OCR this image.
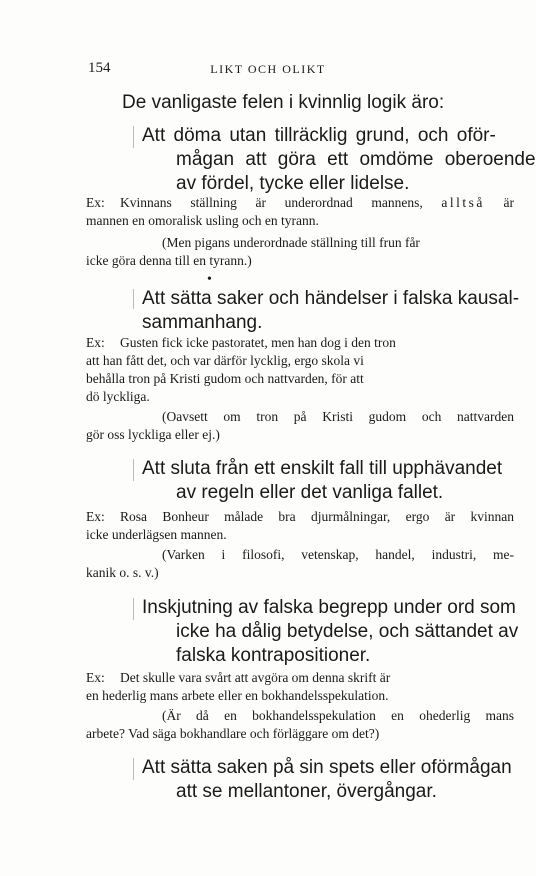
154	LIKT OCH OLIKT
De vanligaste felen i kvinnlig logik äro:
Att döma utan tillräcklig grund, och oför-
mågan att göra ett omdöme oberoende
av fördel, tycke eller lidelse.
Ex: Kvinnans ställning är underordnad mannens, alltså är
mannen en omoralisk usling och en tyrann.
(Men pigans underordnade ställning till frun får
icke göra denna till en tyrann.)
•
Att sätta saker och händelser i falska kausal-
sammanhang.
Ex: Gusten fick icke pastoratet, men han dog i den tron
att han fått det, och var därför lycklig, ergo skola vi
behålla tron på Kristi gudom och nattvarden, för att
dö lyckliga.
(Oavsett om tron på Kristi gudom och nattvarden
gör oss lyckliga eller ej.)
Att sluta från ett enskilt fall till upphävandet
av regeln eller det vanliga fallet.
Ex: Rosa Bonheur målade bra djurmålningar, ergo är kvinnan
icke underlägsen mannen.
(Varken i filosofi, vetenskap, handel, industri, me-
kanik o. s. v.)
Inskjutning av falska begrepp under ord som
icke ha dålig betydelse, och sättandet av
falska kontrapositioner.
Ex: Det skulle vara svårt att avgöra om denna skrift är
en hederlig mans arbete eller en bokhandelsspekulation.
(Är då en bokhandelsspekulation en ohederlig mans
arbete? Vad säga bokhandlare och förläggare om det?)
Att sätta saken på sin spets eller oförmågan
att se mellantoner, övergångar.
